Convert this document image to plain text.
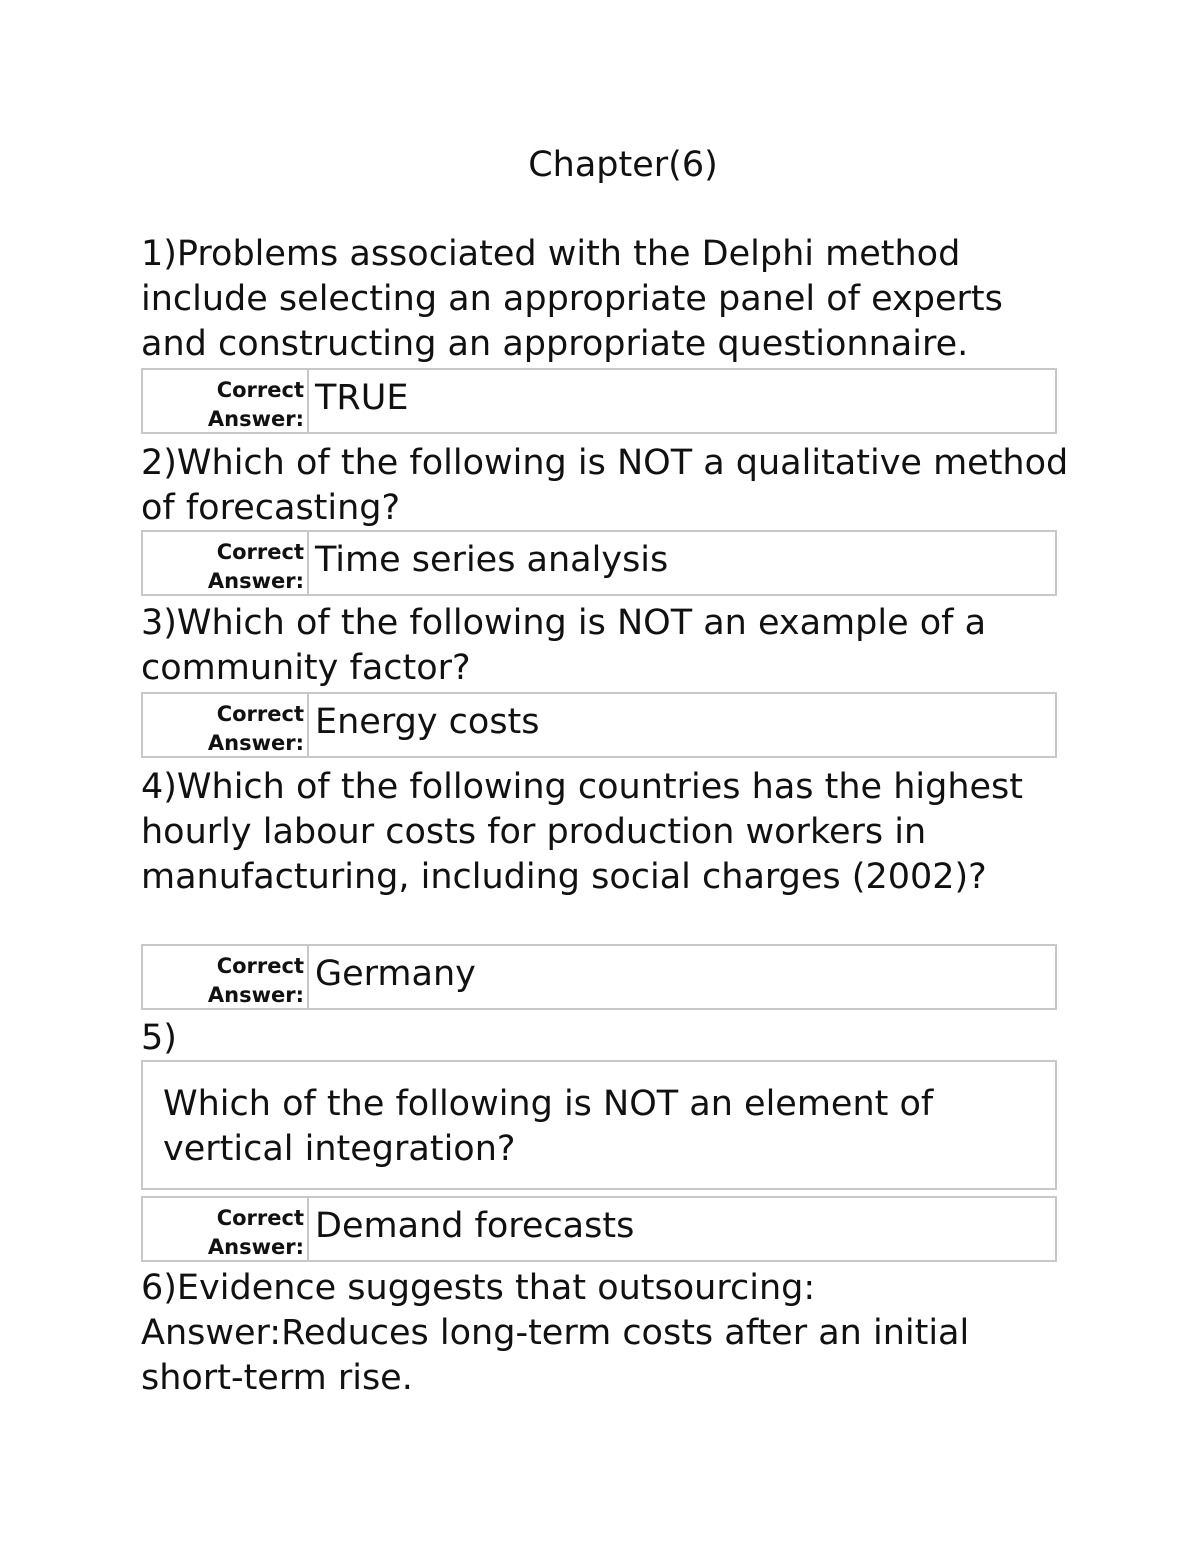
Chapter(6)
1)Problems associated with the Delphi method include selecting an appropriate panel of experts and constructing an appropriate questionnaire.
Correct
Answer:
TRUE
2)Which of the following is NOT a qualitative method of forecasting?
Correct
Answer:
Time series analysis
3)Which of the following is NOT an example of a community factor?
Correct
Answer:
Energy costs
4)Which of the following countries has the highest hourly labour costs for production workers in manufacturing, including social charges (2002)?
Correct
Answer:
Germany
5)
Which of the following is NOT an element of vertical integration?
Correct
Answer:
Demand forecasts
6)Evidence suggests that outsourcing:
Answer:Reduces long-term costs after an initial short-term rise.
